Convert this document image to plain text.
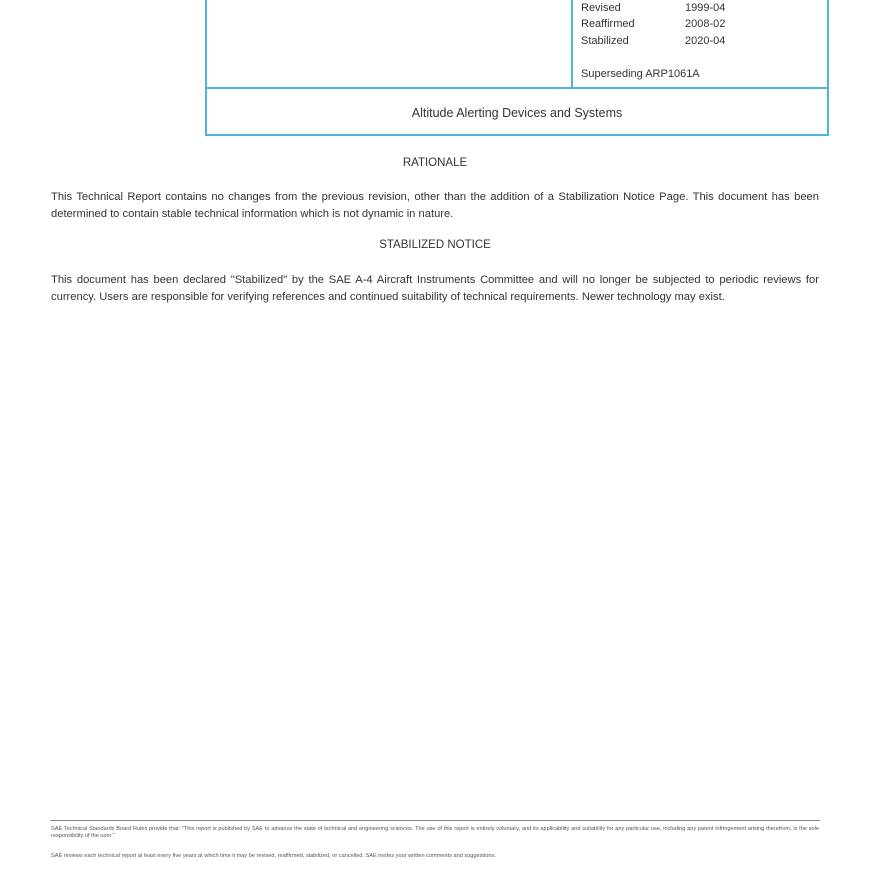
Revised	1999-04
Reaffirmed	2008-02
Stabilized	2020-04
Superseding ARP1061A
Altitude Alerting Devices and Systems
RATIONALE
This Technical Report contains no changes from the previous revision, other than the addition of a Stabilization Notice Page. This document has been determined to contain stable technical information which is not dynamic in nature.
STABILIZED NOTICE
This document has been declared "Stabilized" by the SAE A-4 Aircraft Instruments Committee and will no longer be subjected to periodic reviews for currency. Users are responsible for verifying references and continued suitability of technical requirements. Newer technology may exist.
SAE Technical Standards Board Rules provide that: "This report is published by SAE to advance the state of technical and engineering sciences. The use of this report is entirely voluntary, and its applicability and suitability for any particular use, including any patent infringement arising therefrom, is the sole responsibility of the user."
SAE reviews each technical report at least every five years at which time it may be revised, reaffirmed, stabilized, or cancelled. SAE invites your written comments and suggestions.
